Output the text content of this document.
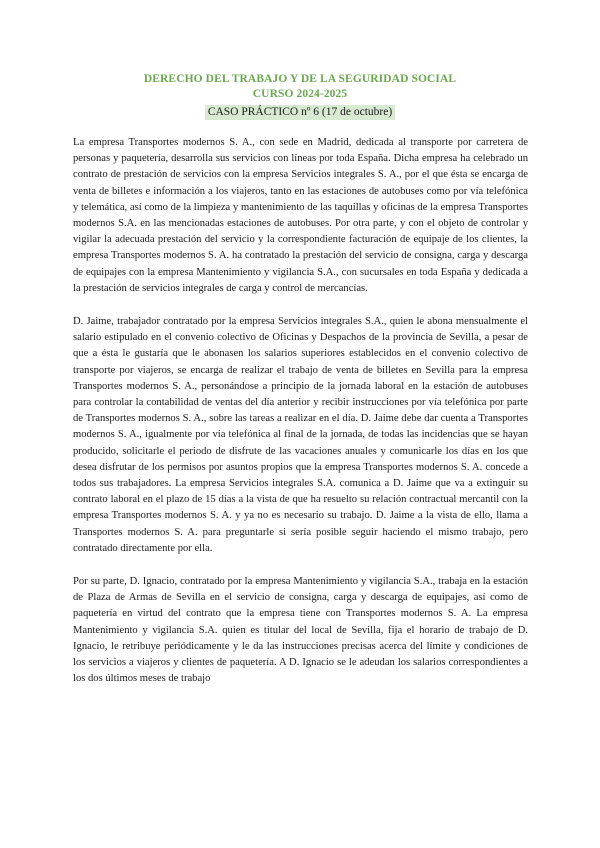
DERECHO DEL TRABAJO Y DE LA SEGURIDAD SOCIAL
CURSO 2024-2025
CASO PRÁCTICO nº 6 (17 de octubre)

La empresa Transportes modernos S. A., con sede en Madrid, dedicada al transporte por carretera de personas y paquetería, desarrolla sus servicios con líneas por toda España. Dicha empresa ha celebrado un contrato de prestación de servicios con la empresa Servicios integrales S. A., por el que ésta se encarga de venta de billetes e información a los viajeros, tanto en las estaciones de autobuses como por vía telefónica y telemática, así como de la limpieza y mantenimiento de las taquillas y oficinas de la empresa Transportes modernos S.A. en las mencionadas estaciones de autobuses. Por otra parte, y con el objeto de controlar y vigilar la adecuada prestación del servicio y la correspondiente facturación de equipaje de los clientes, la empresa Transportes modernos S. A. ha contratado la prestación del servicio de consigna, carga y descarga de equipajes con la empresa Mantenimiento y vigilancia S.A., con sucursales en toda España y dedicada a la prestación de servicios integrales de carga y control de mercancías.

D. Jaime, trabajador contratado por la empresa Servicios integrales S.A., quien le abona mensualmente el salario estipulado en el convenio colectivo de Oficinas y Despachos de la provincia de Sevilla, a pesar de que a ésta le gustaría que le abonasen los salarios superiores establecidos en el convenio colectivo de transporte por viajeros, se encarga de realizar el trabajo de venta de billetes en Sevilla para la empresa Transportes modernos S. A., personándose a principio de la jornada laboral en la estación de autobuses para controlar la contabilidad de ventas del día anterior y recibir instrucciones por vía telefónica por parte de Transportes modernos S. A., sobre las tareas a realizar en el día. D. Jaime debe dar cuenta a Transportes modernos S. A., igualmente por vía telefónica al final de la jornada, de todas las incidencias que se hayan producido, solicitarle el periodo de disfrute de las vacaciones anuales y comunicarle los días en los que desea disfrutar de los permisos por asuntos propios que la empresa Transportes modernos S. A. concede a todos sus trabajadores. La empresa Servicios integrales S.A. comunica a D. Jaime que va a extinguir su contrato laboral en el plazo de 15 días a la vista de que ha resuelto su relación contractual mercantil con la empresa Transportes modernos S. A. y ya no es necesario su trabajo. D. Jaime a la vista de ello, llama a Transportes modernos S. A. para preguntarle si sería posible seguir haciendo el mismo trabajo, pero contratado directamente por ella.

Por su parte, D. Ignacio, contratado por la empresa Mantenimiento y vigilancia S.A., trabaja en la estación de Plaza de Armas de Sevilla en el servicio de consigna, carga y descarga de equipajes, así como de paquetería en virtud del contrato que la empresa tiene con Transportes modernos S. A. La empresa Mantenimiento y vigilancia S.A. quien es titular del local de Sevilla, fija el horario de trabajo de D. Ignacio, le retribuye periódicamente y le da las instrucciones precisas acerca del límite y condiciones de los servicios a viajeros y clientes de paquetería. A D. Ignacio se le adeudan los salarios correspondientes a los dos últimos meses de trabajo
